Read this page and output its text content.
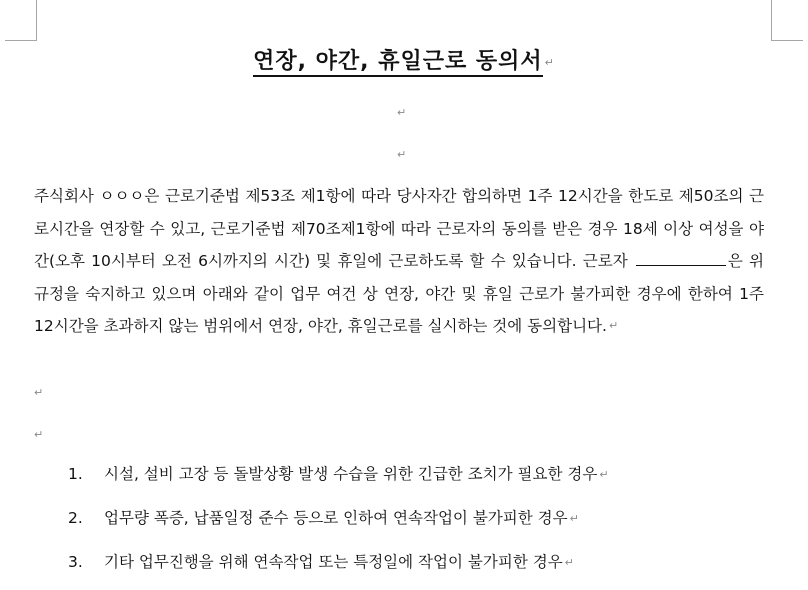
연장, 야간, 휴일근로 동의서 ↵
↵
↵
주식회사 ㅇㅇㅇ은 근로기준법 제53조 제1항에 따라 당사자간 합의하면 1주 12시간을 한도로 제50조의 근로시간을 연장할 수 있고, 근로기준법 제70조제1항에 따라 근로자의 동의를 받은 경우 18세 이상 여성을 야간(오후 10시부터 오전 6시까지의 시간) 및 휴일에 근로하도록 할 수 있습니다. 근로자	은 위 규정을 숙지하고 있으며 아래와 같이 업무 여건 상 연장, 야간 및 휴일 근로가 불가피한 경우에 한하여 1주 12시간을 초과하지 않는 범위에서 연장, 야간, 휴일근로를 실시하는 것에 동의합니다. ↵
↵
↵
1. 시설, 설비 고장 등 돌발상황 발생 수습을 위한 긴급한 조치가 필요한 경우 ↵
2. 업무량 폭증, 납품일정 준수 등으로 인하여 연속작업이 불가피한 경우 ↵
3. 기타 업무진행을 위해 연속작업 또는 특정일에 작업이 불가피한 경우 ↵
